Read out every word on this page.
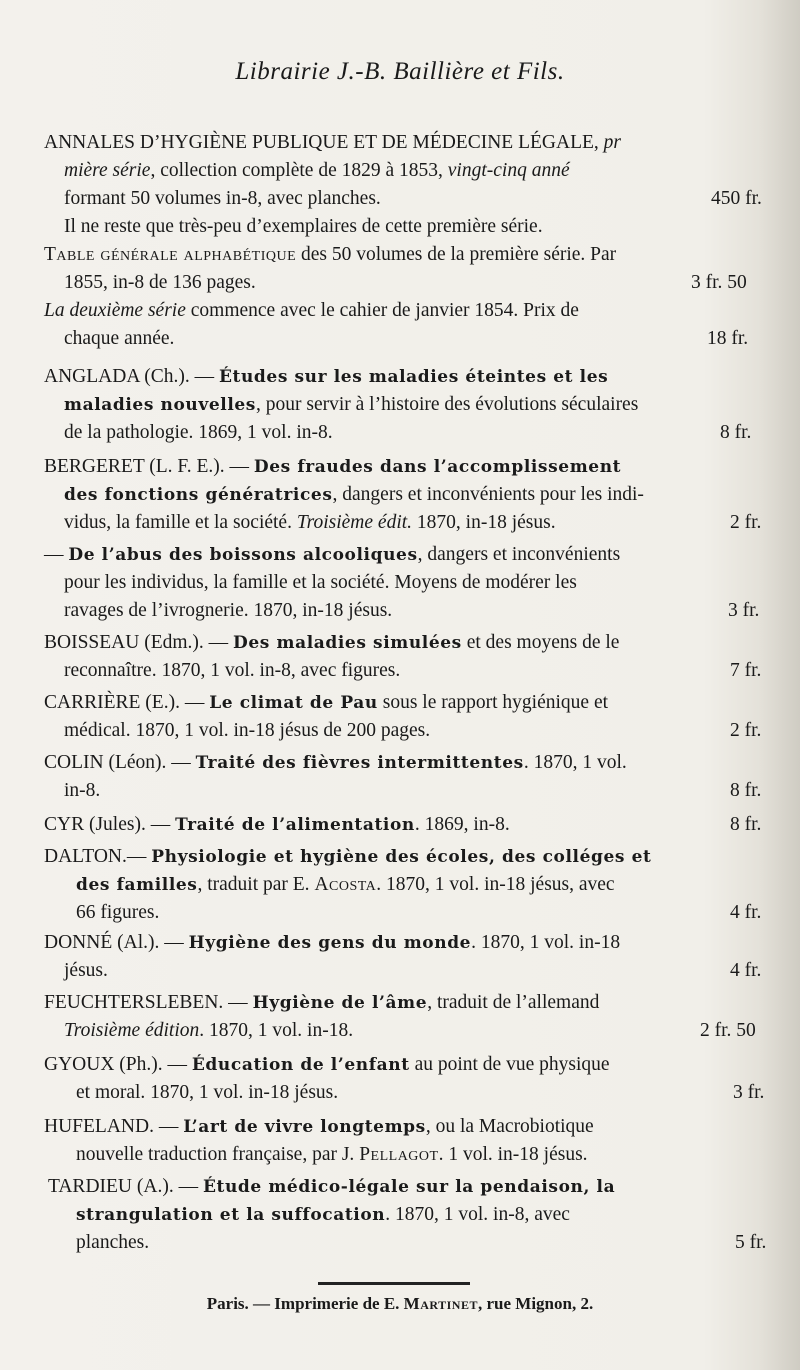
Librairie J.-B. Baillière et Fils.
ANNALES D’HYGIÈNE PUBLIQUE ET DE MÉDECINE LÉGALE, pr
mière série, collection complète de 1829 à 1853, vingt-cinq anné
formant 50 volumes in-8, avec planches.	450 fr.
Il ne reste que très-peu d’exemplaires de cette première série.
Table générale alphabétique des 50 volumes de la première série. Par
1855, in-8 de 136 pages.	3 fr. 50
La deuxième série commence avec le cahier de janvier 1854. Prix de
chaque année.	18 fr.
ANGLADA (Ch.). — Études sur les maladies éteintes et les
maladies nouvelles, pour servir à l’histoire des évolutions séculaires
de la pathologie. 1869, 1 vol. in-8.	8 fr.
BERGERET (L. F. E.). — Des fraudes dans l’accomplissement
des fonctions génératrices, dangers et inconvénients pour les indi-
vidus, la famille et la société. Troisième édit. 1870, in-18 jésus.	2 fr.
— De l’abus des boissons alcooliques, dangers et inconvénients
pour les individus, la famille et la société. Moyens de modérer les
ravages de l’ivrognerie. 1870, in-18 jésus.	3 fr.
BOISSEAU (Edm.). — Des maladies simulées et des moyens de le
reconnaître. 1870, 1 vol. in-8, avec figures.	7 fr.
CARRIÈRE (E.). — Le climat de Pau sous le rapport hygiénique et
médical. 1870, 1 vol. in-18 jésus de 200 pages.	2 fr.
COLIN (Léon). — Traité des fièvres intermittentes. 1870, 1 vol.
in-8.	8 fr.
CYR (Jules). — Traité de l’alimentation. 1869, in-8.	8 fr.
DALTON.— Physiologie et hygiène des écoles, des colléges et
des familles, traduit par E. Acosta. 1870, 1 vol. in-18 jésus, avec
66 figures.	4 fr.
DONNÉ (Al.). — Hygiène des gens du monde. 1870, 1 vol. in-18
jésus.	4 fr.
FEUCHTERSLEBEN. — Hygiène de l’âme, traduit de l’allemand
Troisième édition. 1870, 1 vol. in-18.	2 fr. 50
GYOUX (Ph.). — Éducation de l’enfant au point de vue physique
et moral. 1870, 1 vol. in-18 jésus.	3 fr.
HUFELAND. — L’art de vivre longtemps, ou la Macrobiotique
nouvelle traduction française, par J. Pellagot. 1 vol. in-18 jésus.
TARDIEU (A.). — Étude médico-légale sur la pendaison, la
strangulation et la suffocation. 1870, 1 vol. in-8, avec
planches.	5 fr.
Paris. — Imprimerie de E. Martinet, rue Mignon, 2.
